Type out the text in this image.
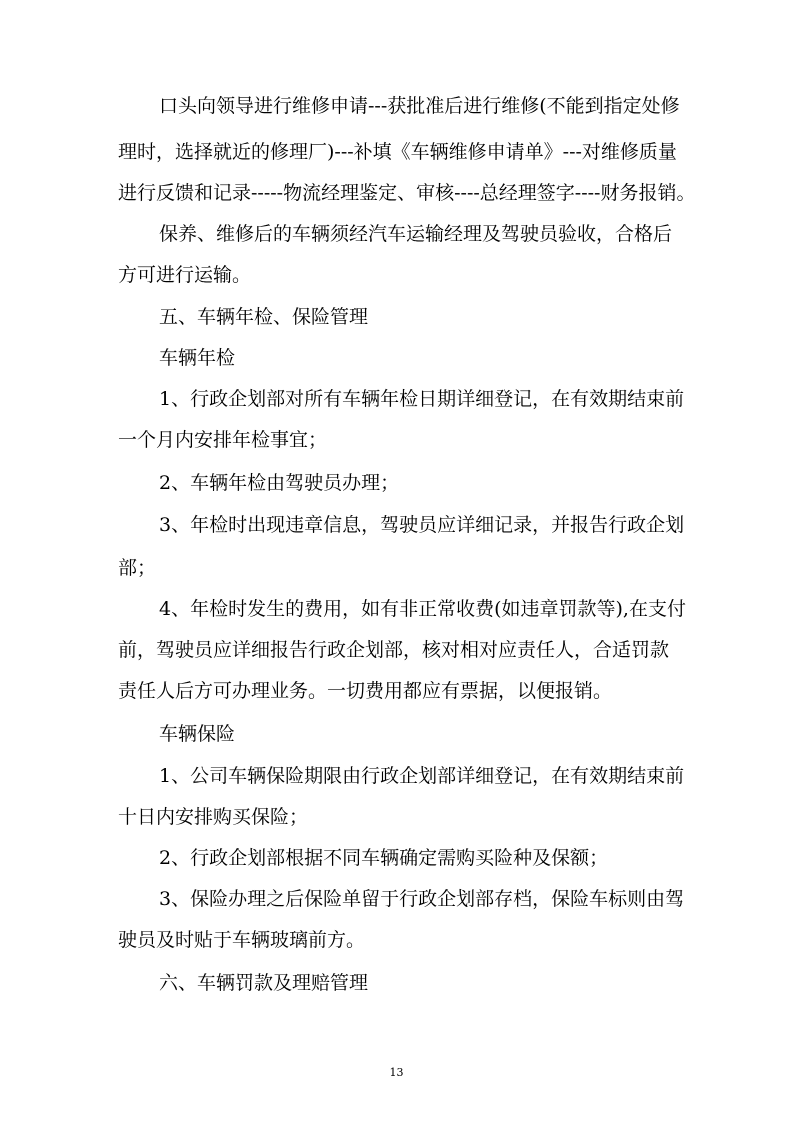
口头向领导进行维修申请---获批准后进行维修(不能到指定处修

理时，选择就近的修理厂)---补填《车辆维修申请单》---对维修质量

进行反馈和记录-----物流经理鉴定、审核----总经理签字----财务报销。

保养、维修后的车辆须经汽车运输经理及驾驶员验收，合格后

方可进行运输。

五、车辆年检、保险管理

车辆年检

1、行政企划部对所有车辆年检日期详细登记，在有效期结束前

一个月内安排年检事宜；

2、车辆年检由驾驶员办理；

3、年检时出现违章信息，驾驶员应详细记录，并报告行政企划

部；

4、年检时发生的费用，如有非正常收费(如违章罚款等),在支付

前，驾驶员应详细报告行政企划部，核对相对应责任人，合适罚款

责任人后方可办理业务。一切费用都应有票据，以便报销。

车辆保险

1、公司车辆保险期限由行政企划部详细登记，在有效期结束前

十日内安排购买保险；

2、行政企划部根据不同车辆确定需购买险种及保额；

3、保险办理之后保险单留于行政企划部存档，保险车标则由驾

驶员及时贴于车辆玻璃前方。

六、车辆罚款及理赔管理

13
